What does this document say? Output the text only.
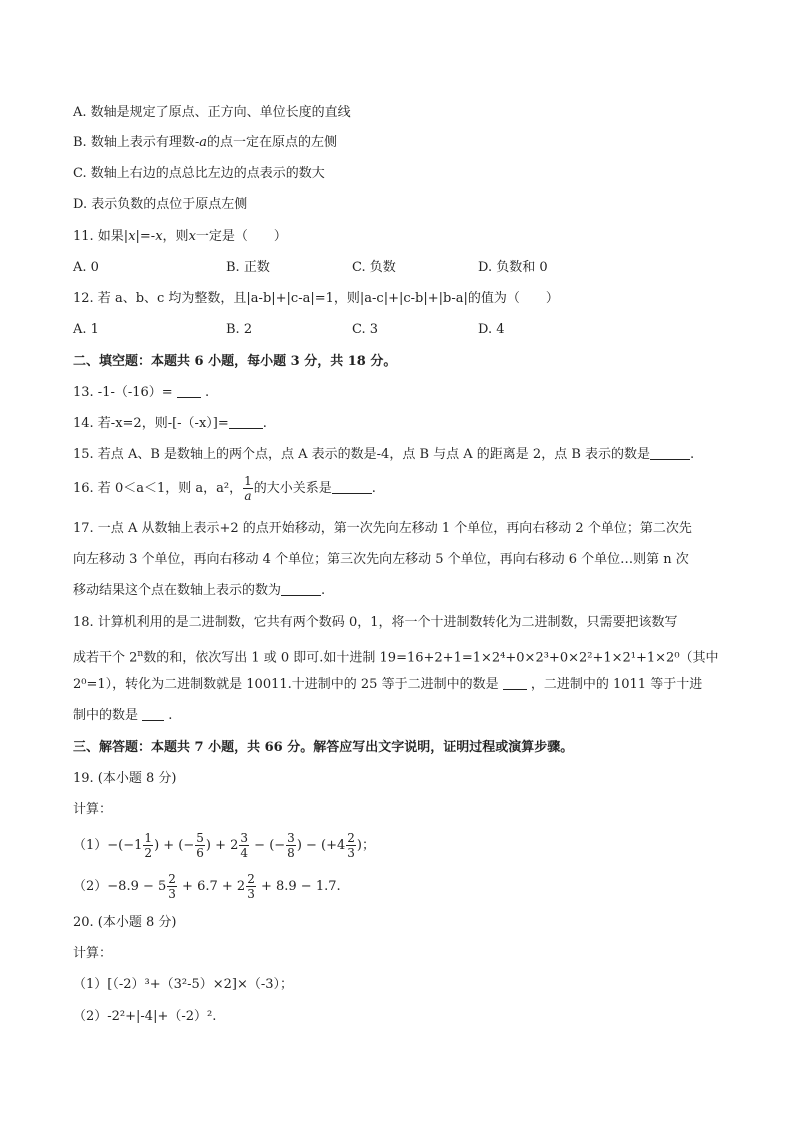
A. 数轴是规定了原点、正方向、单位长度的直线
B. 数轴上表示有理数-a的点一定在原点的左侧
C. 数轴上右边的点总比左边的点表示的数大
D. 表示负数的点位于原点左侧
11. 如果|x|=-x，则x一定是（　　）
A. 0	B. 正数	C. 负数	D. 负数和 0
12. 若 a、b、c 均为整数，且|a-b|+|c-a|=1，则|a-c|+|c-b|+|b-a|的值为（　　）
A. 1	B. 2	C. 3	D. 4
二、填空题：本题共 6 小题，每小题 3 分，共 18 分。
13. -1-（-16）= .
14. 若-x=2，则-[-（-x）]=	.
15. 若点 A、B 是数轴上的两个点，点 A 表示的数是-4，点 B 与点 A 的距离是 2，点 B 表示的数是	.
16. 若 0＜a＜1，则 a，a²， $\frac{1}{a}$ 的大小关系是	.
17. 一点 A 从数轴上表示+2 的点开始移动，第一次先向左移动 1 个单位，再向右移动 2 个单位；第二次先
向左移动 3 个单位，再向右移动 4 个单位；第三次先向左移动 5 个单位，再向右移动 6 个单位…则第 n 次
移动结果这个点在数轴上表示的数为	.
18. 计算机利用的是二进制数，它共有两个数码 0，1，将一个十进制数转化为二进制数，只需要把该数写
成若干个 2$^n$数的和，依次写出 1 或 0 即可.如十进制 19=16+2+1=1×2⁴+0×2³+0×2²+1×2¹+1×2⁰（其中
2⁰=1），转化为二进制数就是 10011.十进制中的 25 等于二进制中的数是 ，二进制中的 1011 等于十进
制中的数是 .
三、解答题：本题共 7 小题，共 66 分。解答应写出文字说明，证明过程或演算步骤。
19. (本小题 8 分)
计算：
$(1)-(-1 \frac{1}{2}$ ) + (− $\frac{5}{6}$ ) + $2 \frac{3}{4}$ − (− $\frac{3}{8}$ ) − ($+4 \frac{2}{3}$ )；
$(2)-8.9 - 5 \frac{2}{3} + 6.7 + 2 \frac{2}{3} + 8.9 - 1.7$.
20. (本小题 8 分)
计算：
（1）[（-2）³+（3²-5）×2]×（-3）；
（2）-2²+|-4|+（-2）².
